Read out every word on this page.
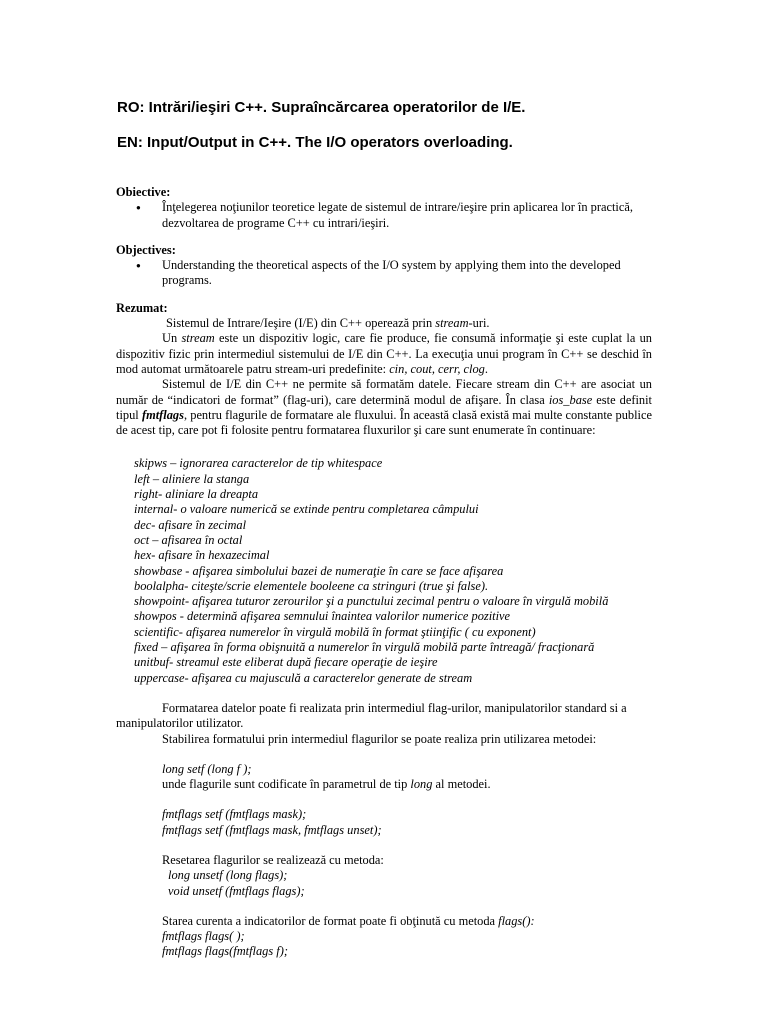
RO: Intrări/ieşiri C++. Supraîncărcarea operatorilor de I/E.
EN: Input/Output in C++. The I/O operators overloading.

Obiective:

● Înţelegerea noţiunilor teoretice legate de sistemul de intrare/ieşire prin aplicarea lor în practică, dezvoltarea de programe C++ cu intrari/ieşiri.

Objectives:

● Understanding the theoretical aspects of the I/O system by applying them into the developed programs.

Rezumat:

Sistemul de Intrare/Ieşire (I/E) din C++ operează prin stream-uri.

Un stream este un dispozitiv logic, care fie produce, fie consumă informaţie şi este cuplat la un dispozitiv fizic prin intermediul sistemului de I/E din C++. La execuţia unui program în C++ se deschid în mod automat următoarele patru stream-uri predefinite: cin, cout, cerr, clog.

Sistemul de I/E din C++ ne permite să formatăm datele. Fiecare stream din C++ are asociat un număr de “indicatori de format” (flag-uri), care determină modul de afişare. În clasa ios_base este definit tipul fmtflags, pentru flagurile de formatare ale fluxului. În această clasă există mai multe constante publice de acest tip, care pot fi folosite pentru formatarea fluxurilor şi care sunt enumerate în continuare:

skipws – ignorarea caracterelor de tip whitespace
left – aliniere la stanga
right- aliniare la dreapta
internal- o valoare numerică se extinde pentru completarea câmpului
dec- afisare în zecimal
oct – afisarea în octal
hex- afisare în hexazecimal
showbase - afişarea simbolului bazei de numeraţie în care se face afişarea
boolalpha- citeşte/scrie elementele booleene ca stringuri (true şi false).
showpoint- afişarea tuturor zerourilor şi a punctului zecimal pentru o valoare în virgulă mobilă
showpos - determină afişarea semnului înaintea valorilor numerice pozitive
scientific- afişarea numerelor în virgulă mobilă în format ştiinţific ( cu exponent)
fixed – afişarea în forma obişnuită a numerelor în virgulă mobilă parte întreagă/ fracţionară
unitbuf- streamul este eliberat după fiecare operaţie de ieşire
uppercase- afişarea cu majusculă a caracterelor generate de stream

Formatarea datelor poate fi realizata prin intermediul flag-urilor, manipulatorilor standard si a manipulatorilor utilizator.

Stabilirea formatului prin intermediul flagurilor se poate realiza prin utilizarea metodei:

long setf (long f );

unde flagurile sunt codificate în parametrul de tip long al metodei.

fmtflags setf (fmtflags mask);
fmtflags setf (fmtflags mask, fmtflags unset);

Resetarea flagurilor se realizează cu metoda:

long unsetf (long flags);
void unsetf (fmtflags flags);

Starea curenta a indicatorilor de format poate fi obţinută cu metoda flags():

fmtflags flags( );
fmtflags flags(fmtflags f);
